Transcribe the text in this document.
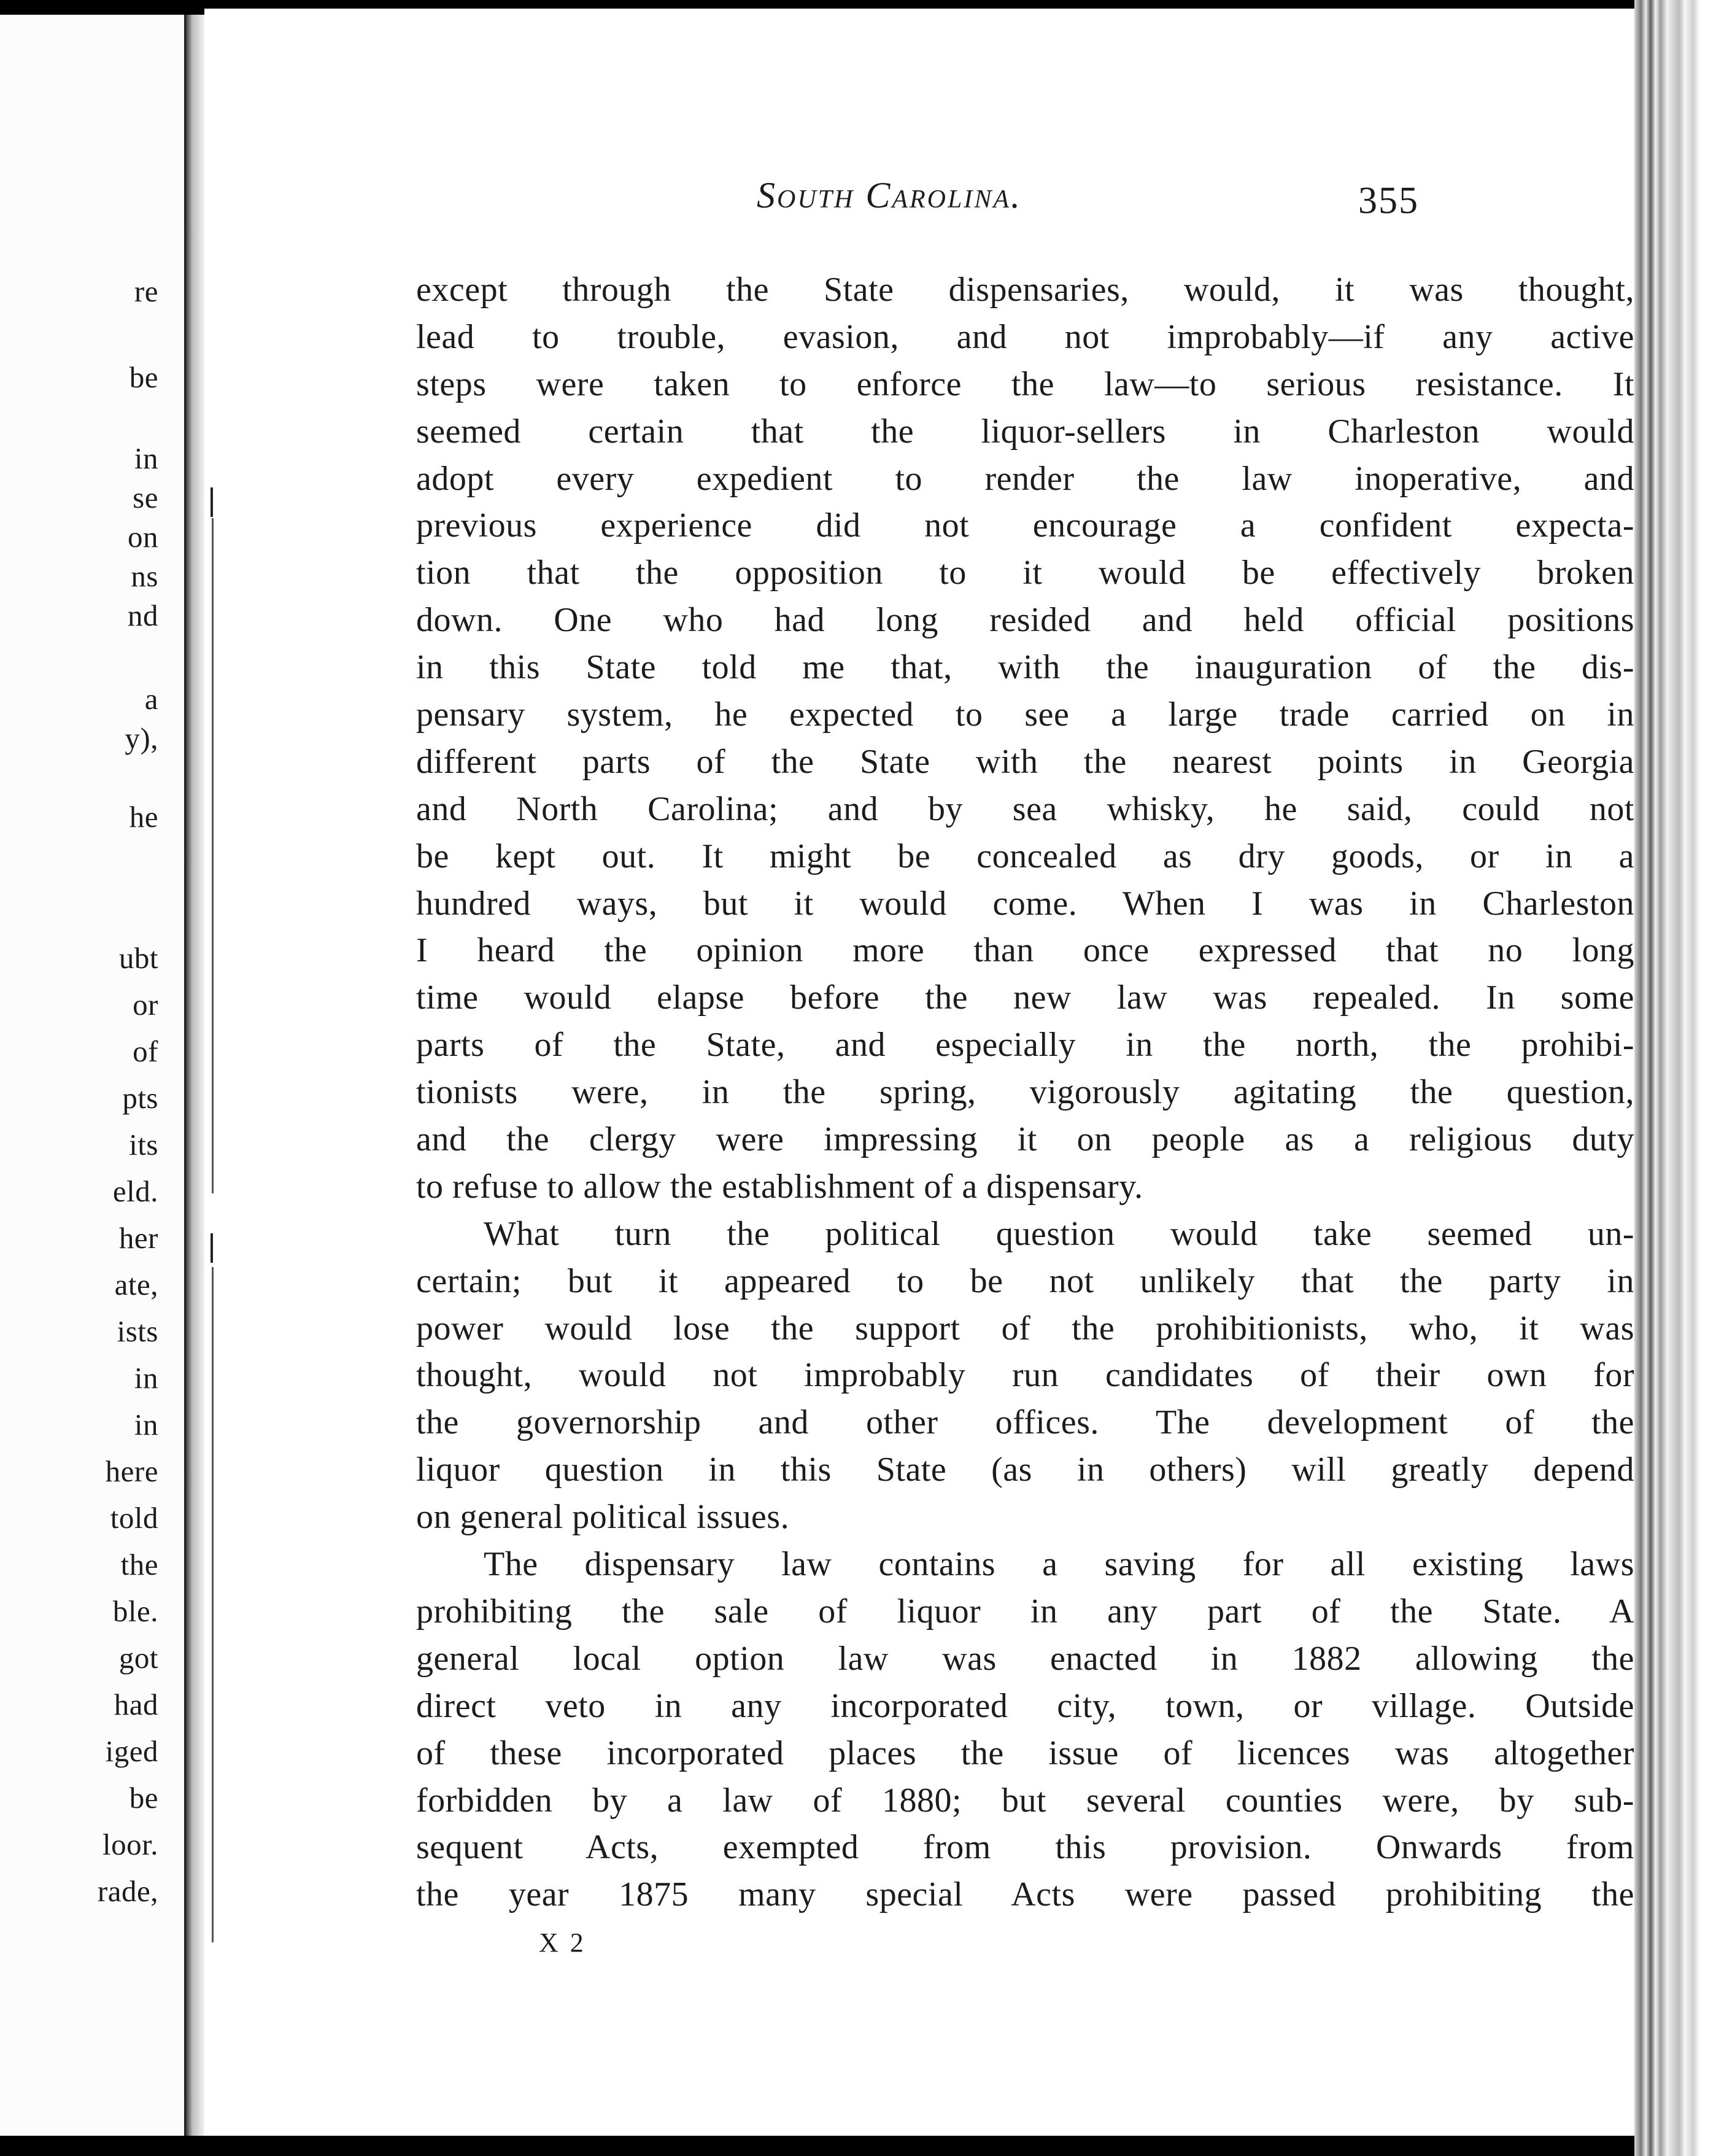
re
be
in
se
on
ns
nd
a
y),
he
ubt
or
of
pts
its
eld.
her
ate,
ists
in
in
here
told
the
ble.
got
had
iged
be
loor.
rade,
South Carolina.	355
except through the State dispensaries, would, it was thought,
lead to trouble, evasion, and not improbably—if any active
steps were taken to enforce the law—to serious resistance. It
seemed certain that the liquor-sellers in Charleston would
adopt every expedient to render the law inoperative, and
previous experience did not encourage a confident expecta-
tion that the opposition to it would be effectively broken
down. One who had long resided and held official positions
in this State told me that, with the inauguration of the dis-
pensary system, he expected to see a large trade carried on in
different parts of the State with the nearest points in Georgia
and North Carolina; and by sea whisky, he said, could not
be kept out. It might be concealed as dry goods, or in a
hundred ways, but it would come. When I was in Charleston
I heard the opinion more than once expressed that no long
time would elapse before the new law was repealed. In some
parts of the State, and especially in the north, the prohibi-
tionists were, in the spring, vigorously agitating the question,
and the clergy were impressing it on people as a religious duty
to refuse to allow the establishment of a dispensary.
What turn the political question would take seemed un-
certain; but it appeared to be not unlikely that the party in
power would lose the support of the prohibitionists, who, it was
thought, would not improbably run candidates of their own for
the governorship and other offices. The development of the
liquor question in this State (as in others) will greatly depend
on general political issues.
The dispensary law contains a saving for all existing laws
prohibiting the sale of liquor in any part of the State. A
general local option law was enacted in 1882 allowing the
direct veto in any incorporated city, town, or village. Outside
of these incorporated places the issue of licences was altogether
forbidden by a law of 1880; but several counties were, by sub-
sequent Acts, exempted from this provision. Onwards from
the year 1875 many special Acts were passed prohibiting the
X 2
